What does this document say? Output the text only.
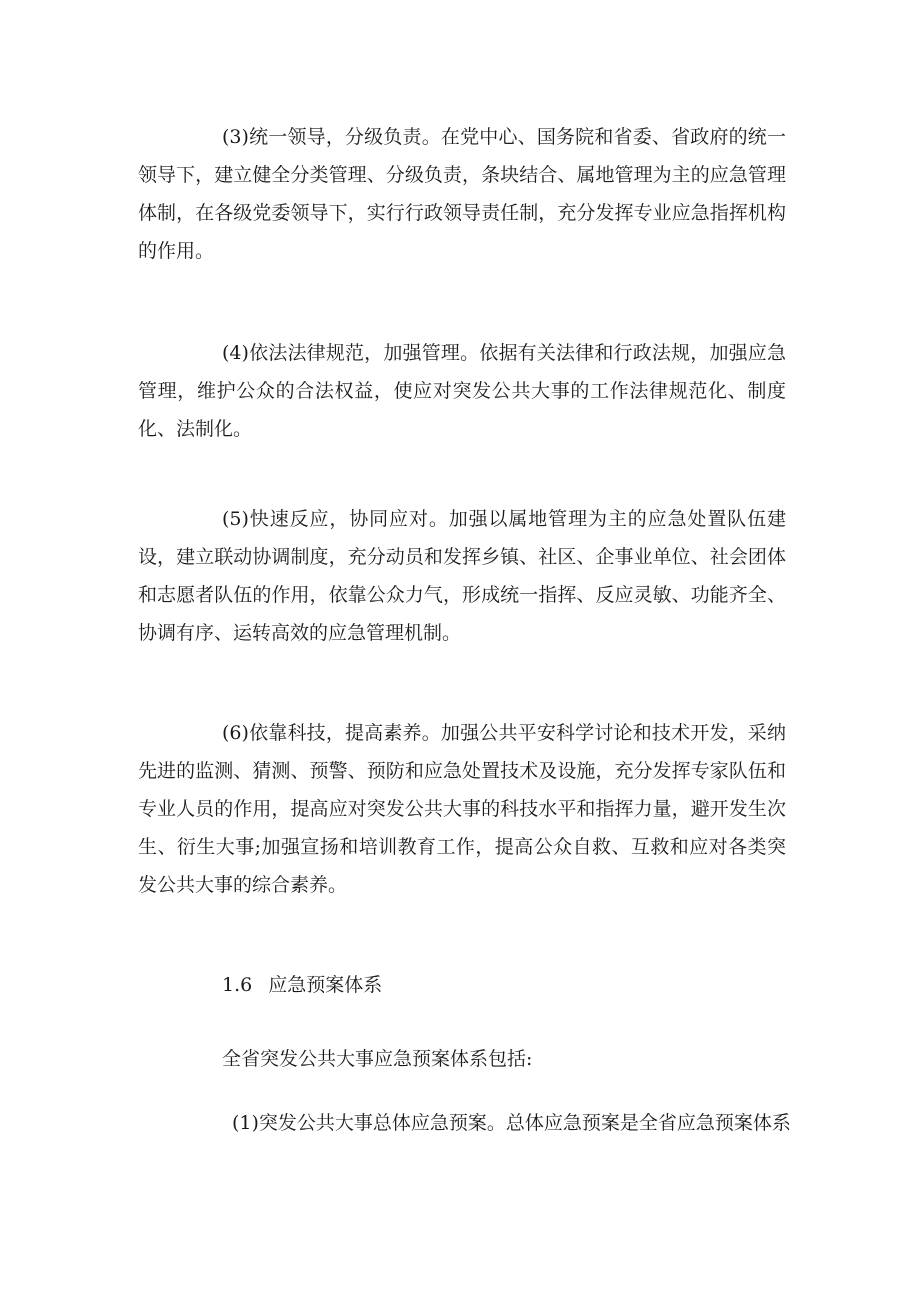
(3)统一领导，分级负责。在党中心、国务院和省委、省政府的统一领导下，建立健全分类管理、分级负责，条块结合、属地管理为主的应急管理体制，在各级党委领导下，实行行政领导责任制，充分发挥专业应急指挥机构的作用。

(4)依法法律规范，加强管理。依据有关法律和行政法规，加强应急管理，维护公众的合法权益，使应对突发公共大事的工作法律规范化、制度化、法制化。

(5)快速反应，协同应对。加强以属地管理为主的应急处置队伍建设，建立联动协调制度，充分动员和发挥乡镇、社区、企事业单位、社会团体和志愿者队伍的作用，依靠公众力气，形成统一指挥、反应灵敏、功能齐全、协调有序、运转高效的应急管理机制。

(6)依靠科技，提高素养。加强公共平安科学讨论和技术开发，采纳先进的监测、猜测、预警、预防和应急处置技术及设施，充分发挥专家队伍和专业人员的作用，提高应对突发公共大事的科技水平和指挥力量，避开发生次生、衍生大事;加强宣扬和培训教育工作，提高公众自救、互救和应对各类突发公共大事的综合素养。

1.6 应急预案体系

全省突发公共大事应急预案体系包括:

(1)突发公共大事总体应急预案。总体应急预案是全省应急预案体系
